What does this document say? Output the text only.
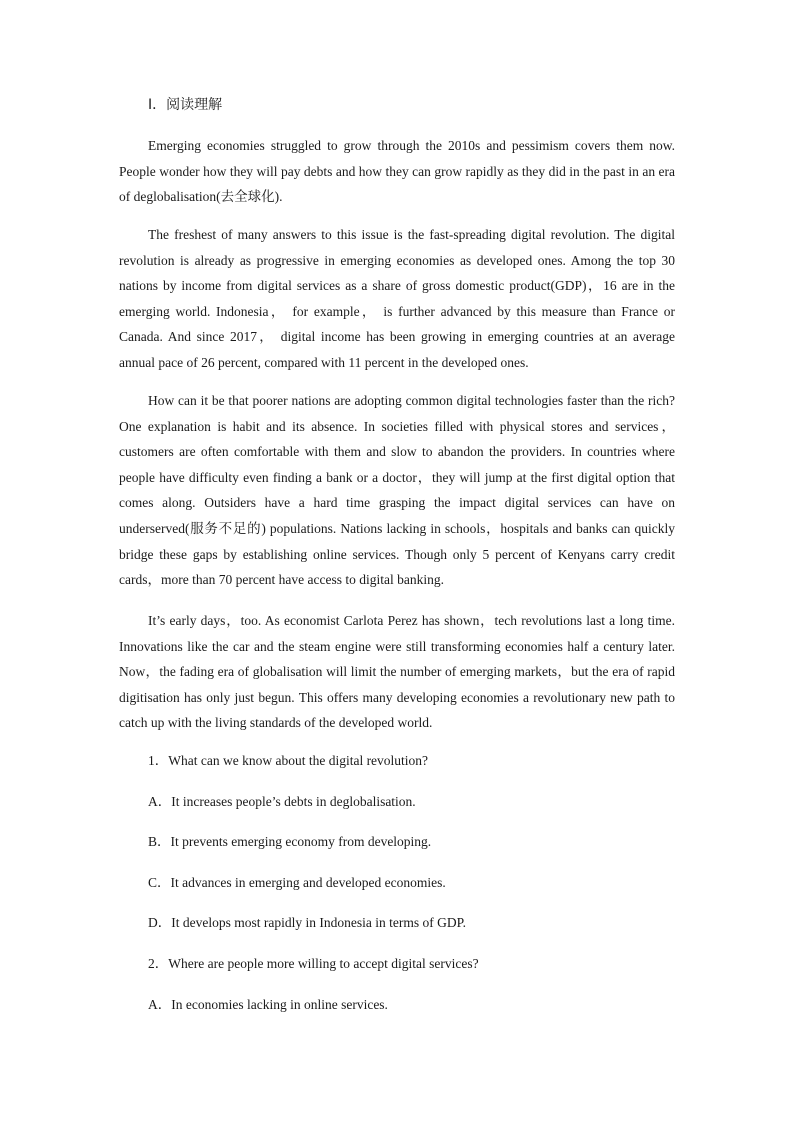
Ⅰ．阅读理解

Emerging economies struggled to grow through the 2010s and pessimism covers them now. People wonder how they will pay debts and how they can grow rapidly as they did in the past in an era of deglobalisation(去全球化).

The freshest of many answers to this issue is the fast-spreading digital revolution. The digital revolution is already as progressive in emerging economies as developed ones. Among the top 30 nations by income from digital services as a share of gross domestic product(GDP)，16 are in the emerging world. Indonesia， for example， is further advanced by this measure than France or Canada. And since 2017， digital income has been growing in emerging countries at an average annual pace of 26 percent, compared with 11 percent in the developed ones.

How can it be that poorer nations are adopting common digital technologies faster than the rich? One explanation is habit and its absence. In societies filled with physical stores and services，customers are often comfortable with them and slow to abandon the providers. In countries where people have difficulty even finding a bank or a doctor，they will jump at the first digital option that comes along. Outsiders have a hard time grasping the impact digital services can have on underserved(服务不足的) populations. Nations lacking in schools，hospitals and banks can quickly bridge these gaps by establishing online services. Though only 5 percent of Kenyans carry credit cards，more than 70 percent have access to digital banking.

It’s early days，too. As economist Carlota Perez has shown，tech revolutions last a long time. Innovations like the car and the steam engine were still transforming economies half a century later. Now，the fading era of globalisation will limit the number of emerging markets，but the era of rapid digitisation has only just begun. This offers many developing economies a revolutionary new path to catch up with the living standards of the developed world.

1．What can we know about the digital revolution?
A．It increases people’s debts in deglobalisation.
B．It prevents emerging economy from developing.
C．It advances in emerging and developed economies.
D．It develops most rapidly in Indonesia in terms of GDP.
2．Where are people more willing to accept digital services?
A．In economies lacking in online services.
